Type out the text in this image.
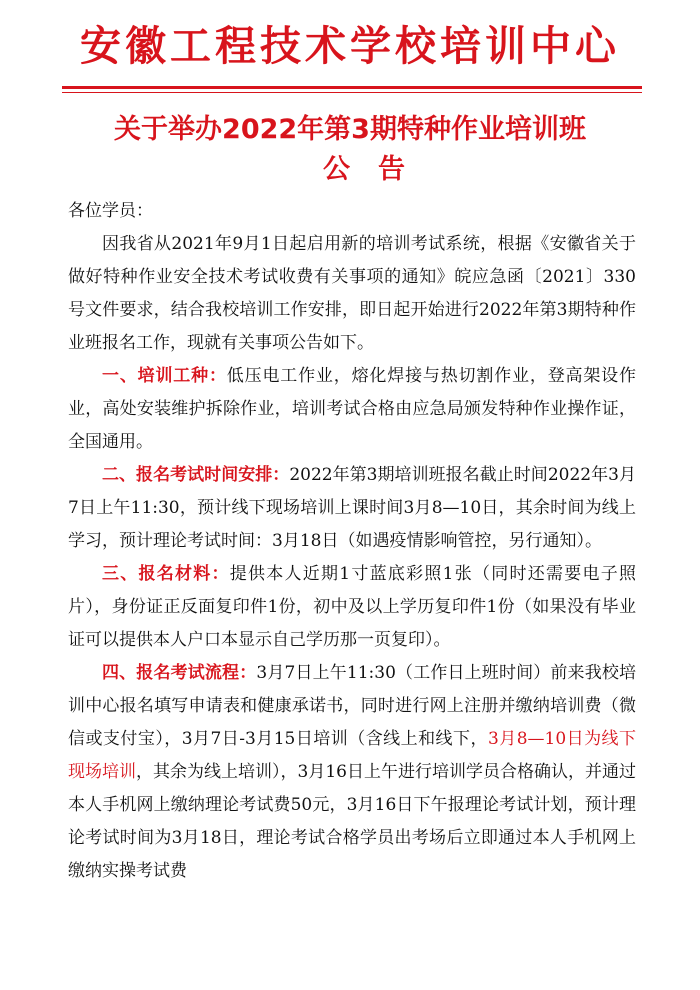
安徽工程技术学校培训中心
关于举办2022年第3期特种作业培训班
公告

各位学员：

因我省从2021年9月1日起启用新的培训考试系统，根据《安徽省关于做好特种作业安全技术考试收费有关事项的通知》皖应急函〔2021〕330号文件要求，结合我校培训工作安排，即日起开始进行2022年第3期特种作业班报名工作，现就有关事项公告如下。

一、培训工种：低压电工作业，熔化焊接与热切割作业，登高架设作业，高处安装维护拆除作业，培训考试合格由应急局颁发特种作业操作证，全国通用。

二、报名考试时间安排：2022年第3期培训班报名截止时间2022年3月7日上午11:30，预计线下现场培训上课时间3月8—10日，其余时间为线上学习，预计理论考试时间：3月18日（如遇疫情影响管控，另行通知）。

三、报名材料：提供本人近期1寸蓝底彩照1张（同时还需要电子照片），身份证正反面复印件1份，初中及以上学历复印件1份（如果没有毕业证可以提供本人户口本显示自己学历那一页复印）。

四、报名考试流程：3月7日上午11:30（工作日上班时间）前来我校培训中心报名填写申请表和健康承诺书，同时进行网上注册并缴纳培训费（微信或支付宝），3月7日-3月15日培训（含线上和线下，3月8—10日为线下现场培训，其余为线上培训），3月16日上午进行培训学员合格确认，并通过本人手机网上缴纳理论考试费50元，3月16日下午报理论考试计划，预计理论考试时间为3月18日，理论考试合格学员出考场后立即通过本人手机网上缴纳实操考试费
